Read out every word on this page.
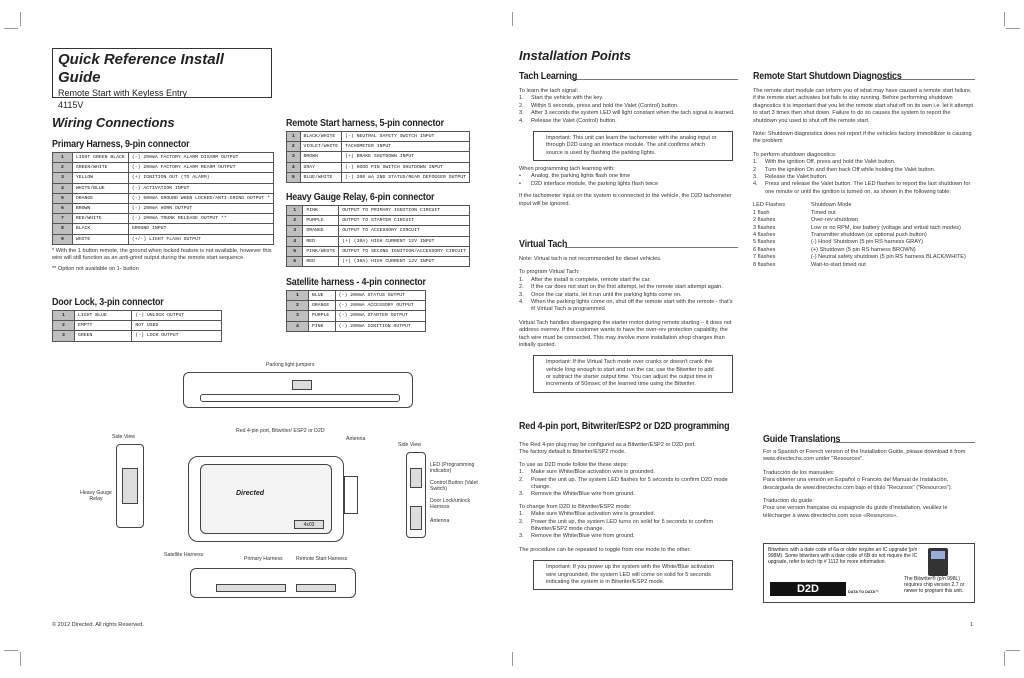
Quick Reference Install Guide
Remote Start with Keyless Entry
4115V
Wiring Connections
Primary Harness, 9-pin connector
1	LIGHT GREEN BLACK	(-) 200mA FACTORY ALARM DISARM OUTPUT
2	GREEN/WHITE	(-) 200mA FACTORY ALARM REARM OUTPUT
3	YELLOW	(+) IGNITION OUT (TO ALARM)
4	WHITE/BLUE	(-) ACTIVATION INPUT
5	ORANGE	(-) 500mA GROUND WHEN LOCKED/ANTI-GRIND OUTPUT *
6	BROWN	(-) 200mA HORN OUTPUT
7	RED/WHITE	(-) 200mA TRUNK RELEASE OUTPUT **
8	BLACK	GROUND INPUT
9	WHITE	(+/-) LIGHT FLASH OUTPUT
* With the 1 button remote, the ground when locked feature is not available, however this wire will still function as an anti-grind output during the remote start sequence.
** Option not available on 1- button
Door Lock, 3-pin connector
1	LIGHT BLUE	(-) UNLOCK OUTPUT
2	EMPTY	NOT USED
3	GREEN	(-) LOCK OUTPUT
Remote Start harness, 5-pin connector
1	BLACK/WHITE	(-) NEUTRAL SAFETY SWITCH INPUT
2	VIOLET/WHITE	TACHOMETER INPUT
3	BROWN	(+) BRAKE SHUTDOWN INPUT
4	GRAY	(-) HOOD PIN SWITCH SHUTDOWN INPUT
5	BLUE/WHITE	(-) 200 mA 2ND STATUS/REAR DEFOGGER OUTPUT
Heavy Gauge Relay, 6-pin connector
1	PINK	OUTPUT TO PRIMARY IGNITION CIRCUIT
2	PURPLE	OUTPUT TO STARTER CIRCUIT
3	ORANGE	OUTPUT TO ACCESSORY CIRCUIT
4	RED	(+) (30A) HIGH CURRENT 12V INPUT
5	PINK/WHITE	OUTPUT TO SECOND IGNITION/ACCESSORY CIRCUIT
6	RED	(+) (30A) HIGH CURRENT 12V INPUT
Satellite harness - 4-pin connector
1	BLUE	(-) 200mA STATUS OUTPUT
2	ORANGE	(-) 200mA ACCESSORY OUTPUT
3	PURPLE	(-) 200mA STARTER OUTPUT
4	PINK	(-) 200mA IGNITION OUTPUT
Parking light jumpers
Side View
Heavy Gauge Relay
Red 4-pin port, Bitwriter/ ESP2 or D2D
Antenna
Directed
4x03
Side View
LED (Programming indicator)
Control Button (Valet Switch)
Door Lock/unlock Harness
Antenna
Satellite Harness
Primary Harness	Remote Start Harness
Installation Points
Tach Learning
To learn the tach signal:
1.	Start the vehicle with the key.
2.	Within 5 seconds, press and hold the Valet (Control) button.
3.	After 3 seconds the system LED will light constant when the tach signal is learned.
4.	Release the Valet (Control) button.
Important: This unit can learn the tachometer with the analog input or through D2D using an interface module. The unit confirms which source is used by flashing the parking lights.
When programming tach learning with:
•	Analog, the parking lights flash one time
•	D2D interface module, the parking lights flash twice
If the tachometer input on the system is connected to the vehicle, the D2D tachometer input will be ignored.
Virtual Tach
Note: Virtual tach is not recommended for diesel vehicles.
To program Virtual Tach:
1.	After the install is complete, remote start the car.
2.	If the car does not start on the first attempt, let the remote start attempt again.
3.	Once the car starts, let it run until the parking lights come on.
4.	When the parking lights come on, shut off the remote start with the remote - that's it! Virtual Tach is programmed.
Virtual Tach handles disengaging the starter motor during remote starting – it does not address overrev. If the customer wants to have the over-rev protection capability, the tach wire must be connected. This may involve more installation shop charges than initially quoted.
Important: If the Virtual Tach mode over cranks or doesn't crank the vehicle long enough to start and run the car, use the Bitwriter to add or subtract the starter output time. You can adjust the output time in increments of 50msec of the learned time using the Bitwriter.
Red 4-pin port, Bitwriter/ESP2 or D2D programming
The Red 4-pin plug may be configured as a Bitwriter/ESP2 or D2D port.
The factory default is Bitwriter/ESP2 mode.
To use as D2D mode follow the these steps:
1.	Make sure White/Blue activation wire is grounded.
2.	Power the unit up. The system LED flashes for 5 seconds to confirm D2D mode change.
3.	Remove the White/Blue wire from ground.
To change from D2D to Bitwriter/ESP2 mode:
1.	Make sure White/Blue activation wire is grounded.
2.	Power the unit up, the system LED turns on solid for 5 seconds to confirm Bitwriter/ESP2 mode change.
3.	Remove the White/Blue wire from ground.
The procedure can be repeated to toggle from one mode to the other.
Important: If you power up the system with the White/Blue activation wire ungrounded, the system LED will come on solid for 5 seconds indicating the system is in Bitwriter/ESP2 mode.
Remote Start Shutdown Diagnostics
The remote start module can inform you of what may have caused a remote start failure, if the remote start activates but fails to stay running. Before performing shutdown diagnostics it is important that you let the remote start shut off on its own i.e. let it attempt to start 3 times then shut down. Failure to do so causes the system to report the shutdown you used to shut off the remote start.
Note: Shutdown diagnostics does not report if the vehicles factory immobilizer is causing the problem
To perform shutdown diagnostics:
1.	With the ignition Off, press and hold the Valet button.
2.	Turn the ignition On and then back Off while holding the Valet button.
3.	Release the Valet button.
4.	Press and release the Valet button. The LED flashes to report the last shutdown for one minute or until the ignition is turned on, as shown in the following table:
LED Flashes	Shutdown Mode
1 flash	Timed out
2 flashes	Over-rev shutdown
3 flashes	Low or no RPM, low battery (voltage and virtual tach modes)
4 flashes	Transmitter shutdown (or optional push button)
5 flashes	(-) Hood Shutdown (5 pin RS harness GRAY)
6 flashes	(+) Shutdown (5 pin RS harness BROWN)
7 flashes	(-) Neutral safety shutdown (5 pin RS harness BLACK/WHITE)
8 flashes	Wait-to-start timed out
Guide Translations
For a Spanish or French version of the Installation Guide, please download it from www.directechs.com under "Resources".
Traducción de los manuales:
Para obtener una versión en Español o Francés del Manual de Instalación, descárguela de www.directechs.com bajo el título "Recursos" ("Resources").
Traduction du guide:
Pour une version française ou espagnole du guide d'installation, veuillez le télécharger à www.directechs.com sous «Resources».
Bitwriters with a date code of 6a or older require an IC upgrade (p/n 998M). Some bitwriters with a date code of 6B do not require the IC upgrade, refer to tech tip # 1112 for more information.
D2D	DATA TO DATA™
The Bitwriter® (p/n 998L) requires chip version 2.7 or newer to program this unit.
© 2012 Directed. All rights Reserved.	1
